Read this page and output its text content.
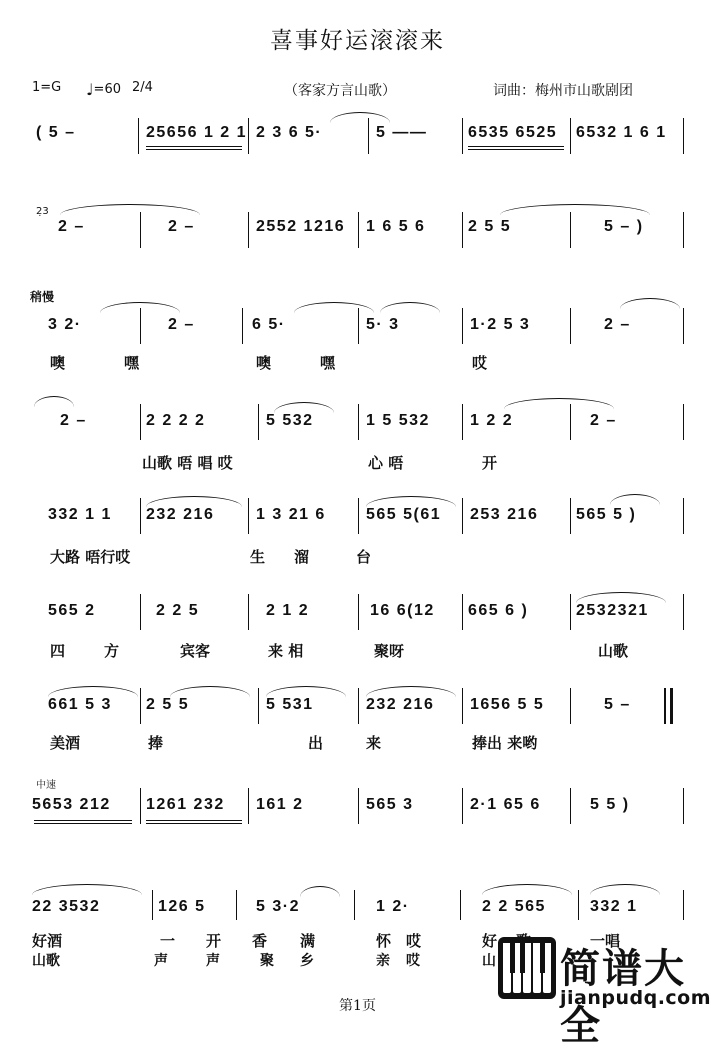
喜事好运滚滚来
1=G ♩=60 2/4	（客家方言山歌）	词曲：梅州市山歌剧团
( 5 –	25656 1 2 1 2 3 6 5·	5 ——	6535 6525 6532 1 6 1
2 –	2 –	2552 1216 1 6 5 6	2 5 5	5 – )
2̣3
稍慢
3 2·	2 –	6 5·	5· 3	1·2 5 3	2 –
噢	嘿	噢	嘿	哎
2 –	2 2 2 2	5 532	1 5 532	1 2 2	2 –
山歌 唔 唱 哎	心 唔	开
332 1 1 232 216	1 3 21 6	565 5(61 253 216 565 5 )
大路 唔行哎	生 溜	台
565 2	2 2 5	2 1 2	16 6(12 665 6 )	2532321
四	方	宾客	来 相	聚呀	山歌
661 5 3 2 5 5	5 531	232 216 1656 5 5	5 –
美酒	捧	出	来	捧出 来哟
中速
5653 212 1261 232 161 2	565 3	2·1 65 6	5 5 )
22 3532	126 5	5 3·2	1 2·	2 2 565	332 1
好酒	一 开 香 满	怀 哎	好	一唱
山歌	声	声	聚 乡	亲 哎	山 简谱大全
jianpudq.com
第1页
